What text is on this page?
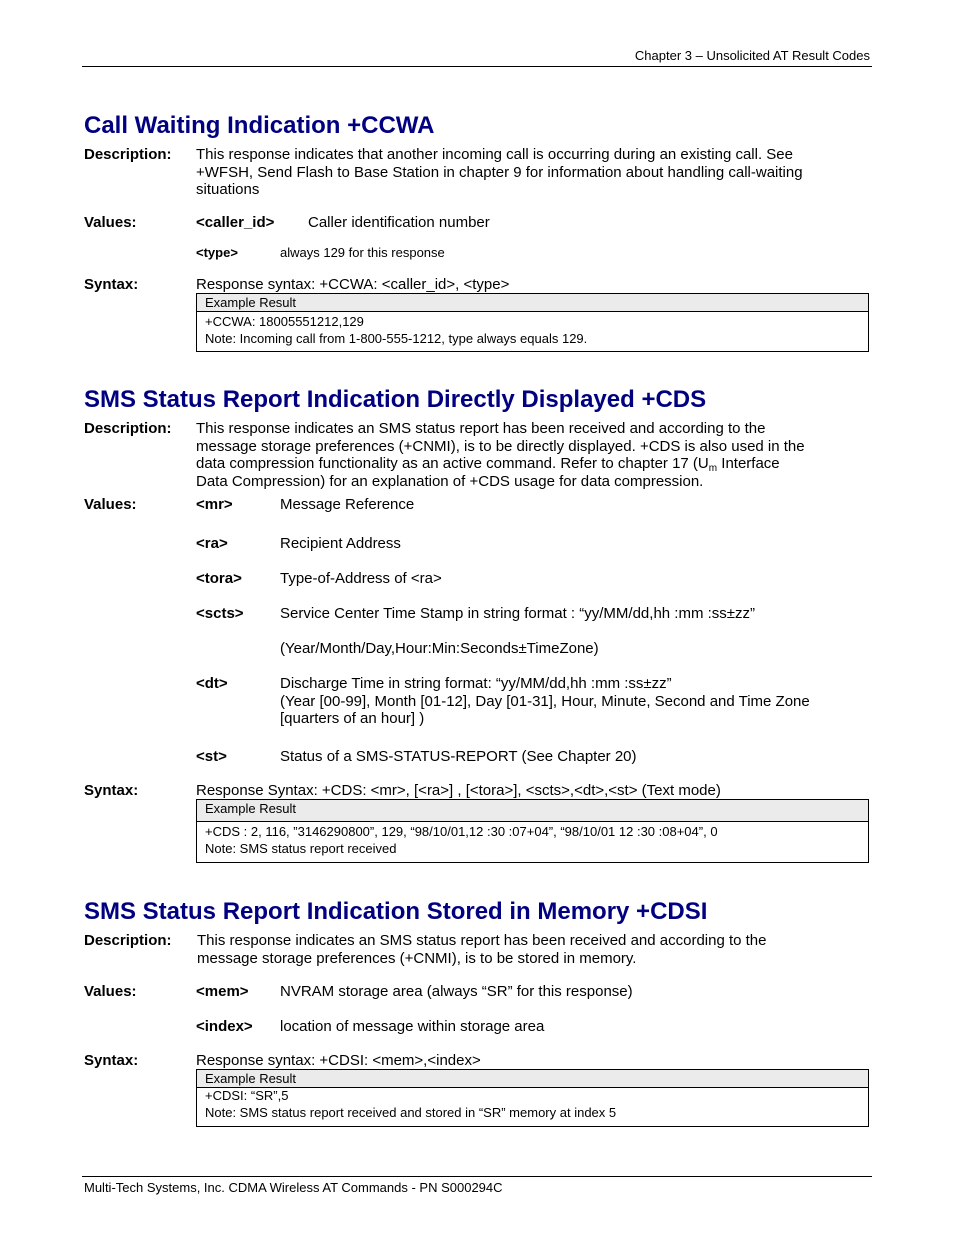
Chapter 3 – Unsolicited AT Result Codes
Call Waiting Indication +CCWA
Description: This response indicates that another incoming call is occurring during an existing call. See
+WFSH, Send Flash to Base Station in chapter 9 for information about handling call-waiting
situations
Values:	<caller_id> Caller identification number
<type>	always 129 for this response
Syntax:	Response syntax: +CCWA: <caller_id>, <type>
Example Result
+CCWA: 18005551212,129
Note: Incoming call from 1-800-555-1212, type always equals 129.
SMS Status Report Indication Directly Displayed +CDS
Description: This response indicates an SMS status report has been received and according to the
message storage preferences (+CNMI), is to be directly displayed. +CDS is also used in the
data compression functionality as an active command. Refer to chapter 17 ($U_m$ Interface
Data Compression) for an explanation of +CDS usage for data compression.
Values:	<mr>	Message Reference
<ra>	Recipient Address
<tora>	Type-of-Address of <ra>
<scts> Service Center Time Stamp in string format : “yy/MM/dd,hh :mm :ss±zz”
(Year/Month/Day,Hour:Min:Seconds±TimeZone)
<dt>	Discharge Time in string format: “yy/MM/dd,hh :mm :ss±zz”
(Year [00-99], Month [01-12], Day [01-31], Hour, Minute, Second and Time Zone
[quarters of an hour] )
<st>	Status of a SMS-STATUS-REPORT (See Chapter 20)
Syntax:	Response Syntax: +CDS: <mr>, [<ra>] , [<tora>], <scts>,<dt>,<st> (Text mode)
Example Result
+CDS : 2, 116, ”3146290800”, 129, “98/10/01,12 :30 :07+04”, “98/10/01 12 :30 :08+04”, 0
Note: SMS status report received
SMS Status Report Indication Stored in Memory +CDSI
Description: This response indicates an SMS status report has been received and according to the
message storage preferences (+CNMI), is to be stored in memory.
Values:	<mem> NVRAM storage area (always “SR” for this response)
<index> location of message within storage area
Syntax:	Response syntax: +CDSI: <mem>,<index>
Example Result
+CDSI: “SR”,5
Note: SMS status report received and stored in “SR” memory at index 5
Multi-Tech Systems, Inc. CDMA Wireless AT Commands - PN S000294C
